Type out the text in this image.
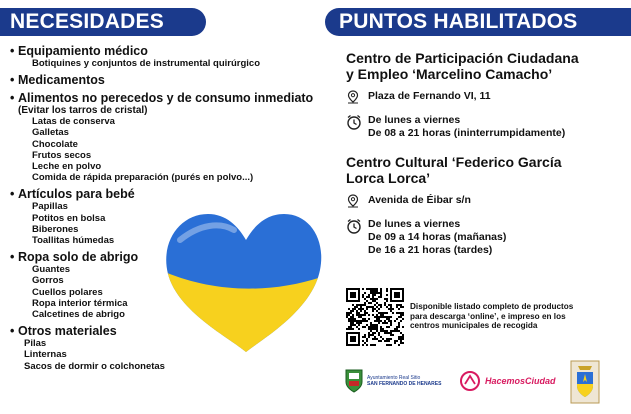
NECESIDADES	PUNTOS HABILITADOS
• Equipamiento médico
Botiquines y conjuntos de instrumental quirúrgico
• Medicamentos
• Alimentos no perecedos y de consumo inmediato
(Evitar los tarros de cristal)
Latas de conserva
Galletas
Chocolate
Frutos secos
Leche en polvo
Comida de rápida preparación (purés en polvo...)
• Artículos para bebé
Papillas
Potitos en bolsa
Biberones
Toallitas húmedas
• Ropa solo de abrigo
Guantes
Gorros
Cuellos polares
Ropa interior térmica
Calcetines de abrigo
• Otros materiales
Pilas
Linternas
Sacos de dormir o colchonetas
Centro de Participación Ciudadana
y Empleo ‘Marcelino Camacho’
Plaza de Fernando VI, 11
De lunes a viernes
De 08 a 21 horas (ininterrumpidamente)
Centro Cultural ‘Federico García
Lorca Lorca’
Avenida de Éibar s/n
De lunes a viernes
De 09 a 14 horas (mañanas)
De 16 a 21 horas (tardes)
Disponible listado completo de productos
para descarga ‘online’, e impreso en los
centros municipales de recogida
Ayuntamiento Real Sitio
SAN FERNANDO DE HENARES	HacemosCiudad
